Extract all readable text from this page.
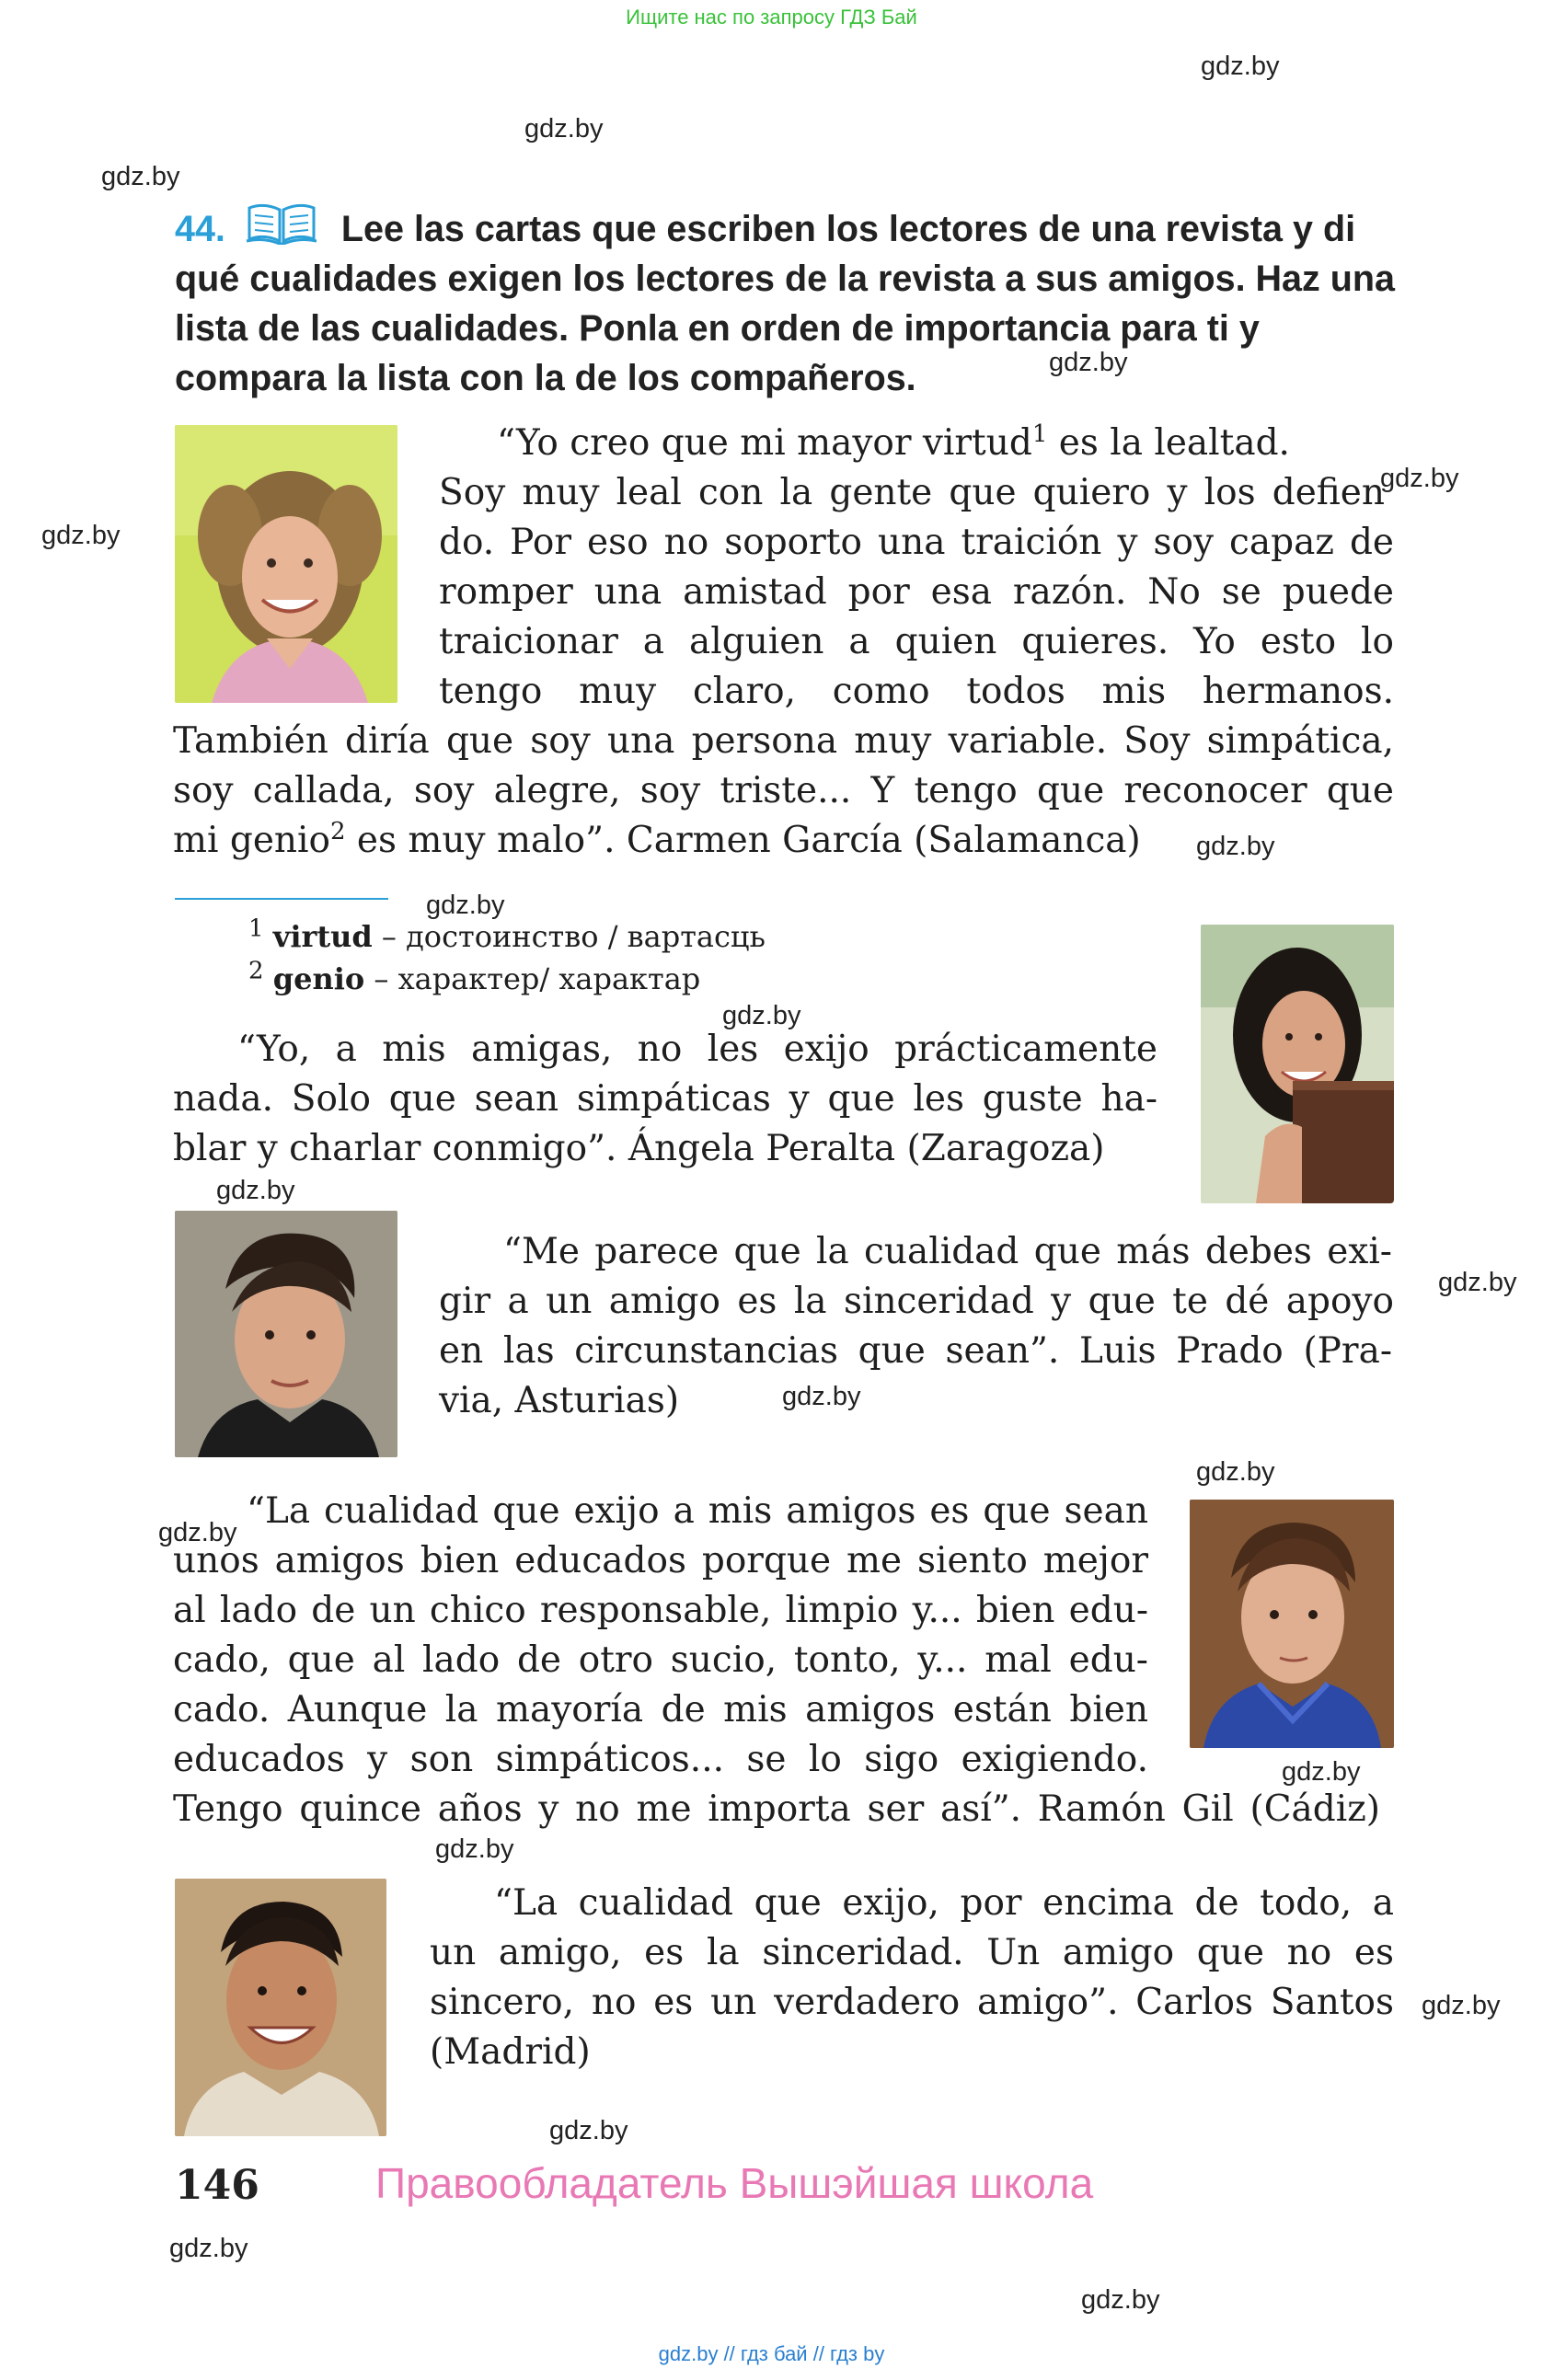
Ищите нас по запросу ГДЗ Бай
gdz.by
gdz.by
gdz.by
gdz.by
gdz.by
gdz.by
gdz.by
gdz.by
gdz.by
gdz.by
gdz.by
gdz.by
gdz.by
gdz.by
gdz.by
gdz.by
gdz.by
gdz.by
gdz.by
gdz.by
44.	Lee las cartas que escriben los lectores de una revista y di qué cualidades exigen los lectores de la revista a sus amigos. Haz una lista de las cualidades. Ponla en orden de importancia para ti y compara la lista con la de los compañeros.
“Yo creo que mi mayor virtud$^1$ es la lealtad.
Soy muy leal con la gente que quiero y los defien
do. Por eso no soporto una traición y soy capaz de
romper una amistad por esa razón. No se puede
traicionar a alguien a quien quieres. Yo esto lo
tengo muy claro, como todos mis hermanos.
También diría que soy una persona muy variable. Soy simpática,
soy callada, soy alegre, soy triste... Y tengo que reconocer que
mi genio$^2$ es muy malo”. Carmen García (Salamanca)
$^1$ virtud – достоинство / вартасць
$^2$ genio – характер/ характар
“Yo, a mis amigas, no les exijo prácticamente
nada. Solo que sean simpáticas y que les guste ha-
blar y charlar conmigo”. Ángela Peralta (Zaragoza)
“Me parece que la cualidad que más debes exi-
gir a un amigo es la sinceridad y que te dé apoyo
en las circunstancias que sean”. Luis Prado (Pra-
via, Asturias)
“La cualidad que exijo a mis amigos es que sean
unos amigos bien educados porque me siento mejor
al lado de un chico responsable, limpio y... bien edu-
cado, que al lado de otro sucio, tonto, y... mal edu-
cado. Aunque la mayoría de mis amigos están bien
educados y son simpáticos... se lo sigo exigiendo.
Tengo quince años y no me importa ser así”. Ramón Gil (Cádiz)
“La cualidad que exijo, por encima de todo, a
un amigo, es la sinceridad. Un amigo que no es
sincero, no es un verdadero amigo”. Carlos Santos
(Madrid)
146	Правообладатель Вышэйшая школа
gdz.by // гдз бай // гдз by
